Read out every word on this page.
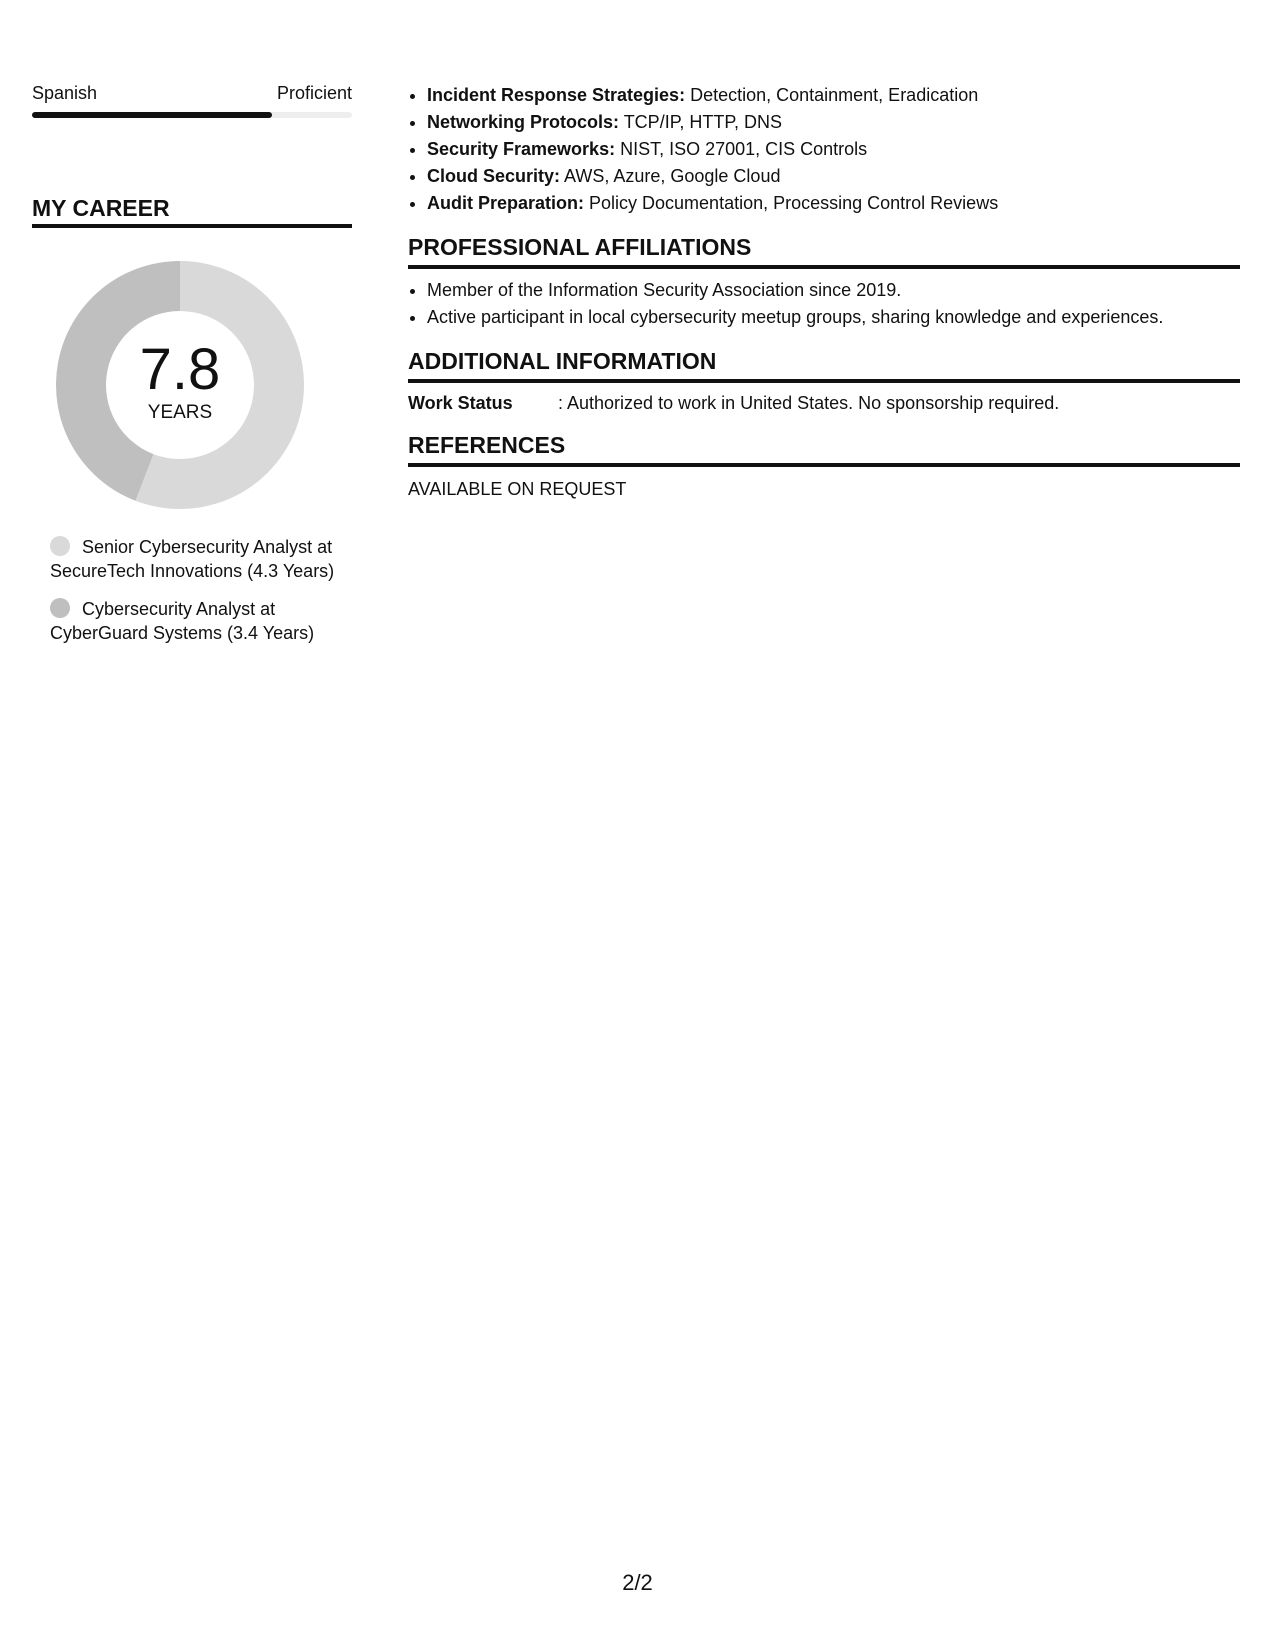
Spanish	Proficient
MY CAREER
7.8
YEARS
Senior Cybersecurity Analyst at SecureTech Innovations (4.3 Years)
Cybersecurity Analyst at CyberGuard Systems (3.4 Years)
• Incident Response Strategies: Detection, Containment, Eradication
• Networking Protocols: TCP/IP, HTTP, DNS
• Security Frameworks: NIST, ISO 27001, CIS Controls
• Cloud Security: AWS, Azure, Google Cloud
• Audit Preparation: Policy Documentation, Processing Control Reviews
PROFESSIONAL AFFILIATIONS
• Member of the Information Security Association since 2019.
• Active participant in local cybersecurity meetup groups, sharing knowledge and experiences.
ADDITIONAL INFORMATION
Work Status	: Authorized to work in United States. No sponsorship required.
REFERENCES
AVAILABLE ON REQUEST
2/2
